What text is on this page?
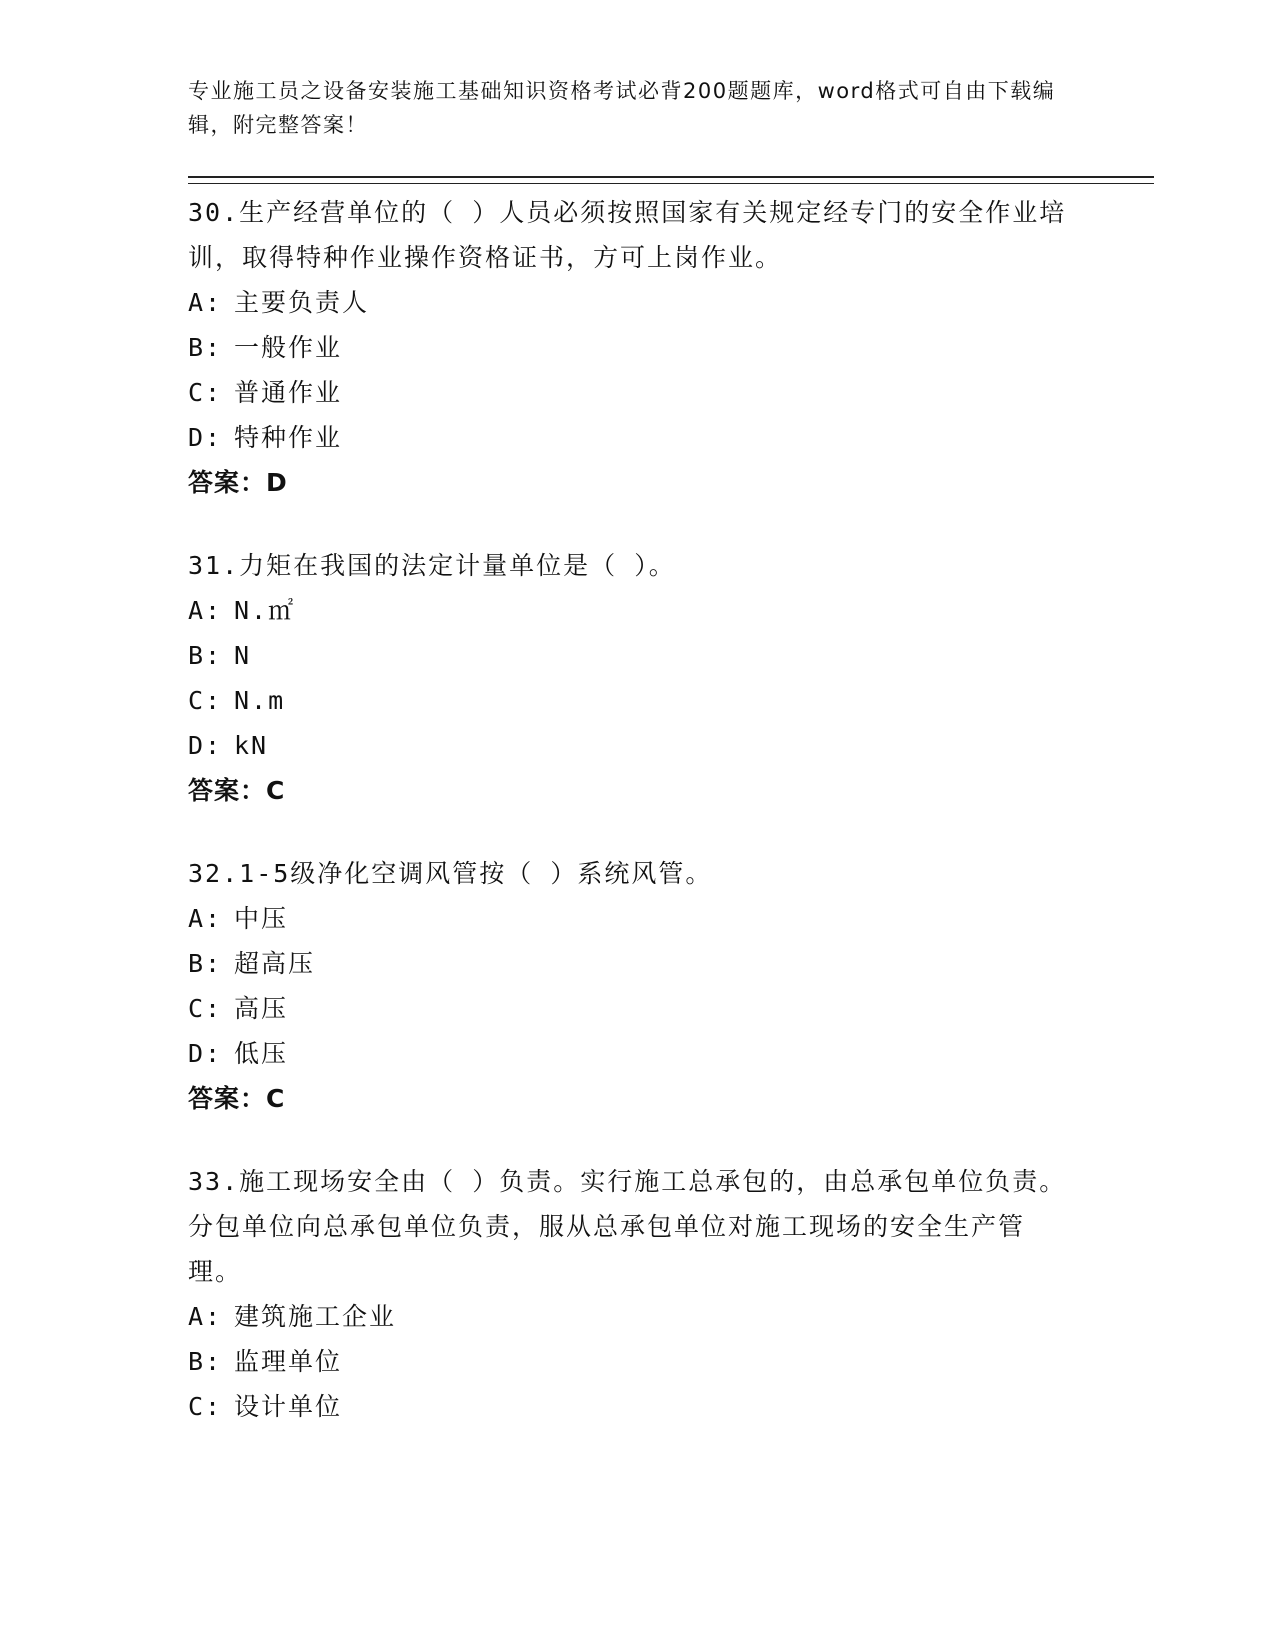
专业施工员之设备安装施工基础知识资格考试必背200题题库，word格式可自由下载编辑，附完整答案！
30.生产经营单位的（ ）人员必须按照国家有关规定经专门的安全作业培训，取得特种作业操作资格证书，方可上岗作业。
A: 主要负责人
B: 一般作业
C: 普通作业
D: 特种作业
答案：D
31.力矩在我国的法定计量单位是（ ）。
A: N.㎡
B: N
C: N.m
D: kN
答案：C
32.1-5级净化空调风管按（ ）系统风管。
A: 中压
B: 超高压
C: 高压
D: 低压
答案：C
33.施工现场安全由（ ）负责。实行施工总承包的，由总承包单位负责。分包单位向总承包单位负责，服从总承包单位对施工现场的安全生产管理。
A: 建筑施工企业
B: 监理单位
C: 设计单位
